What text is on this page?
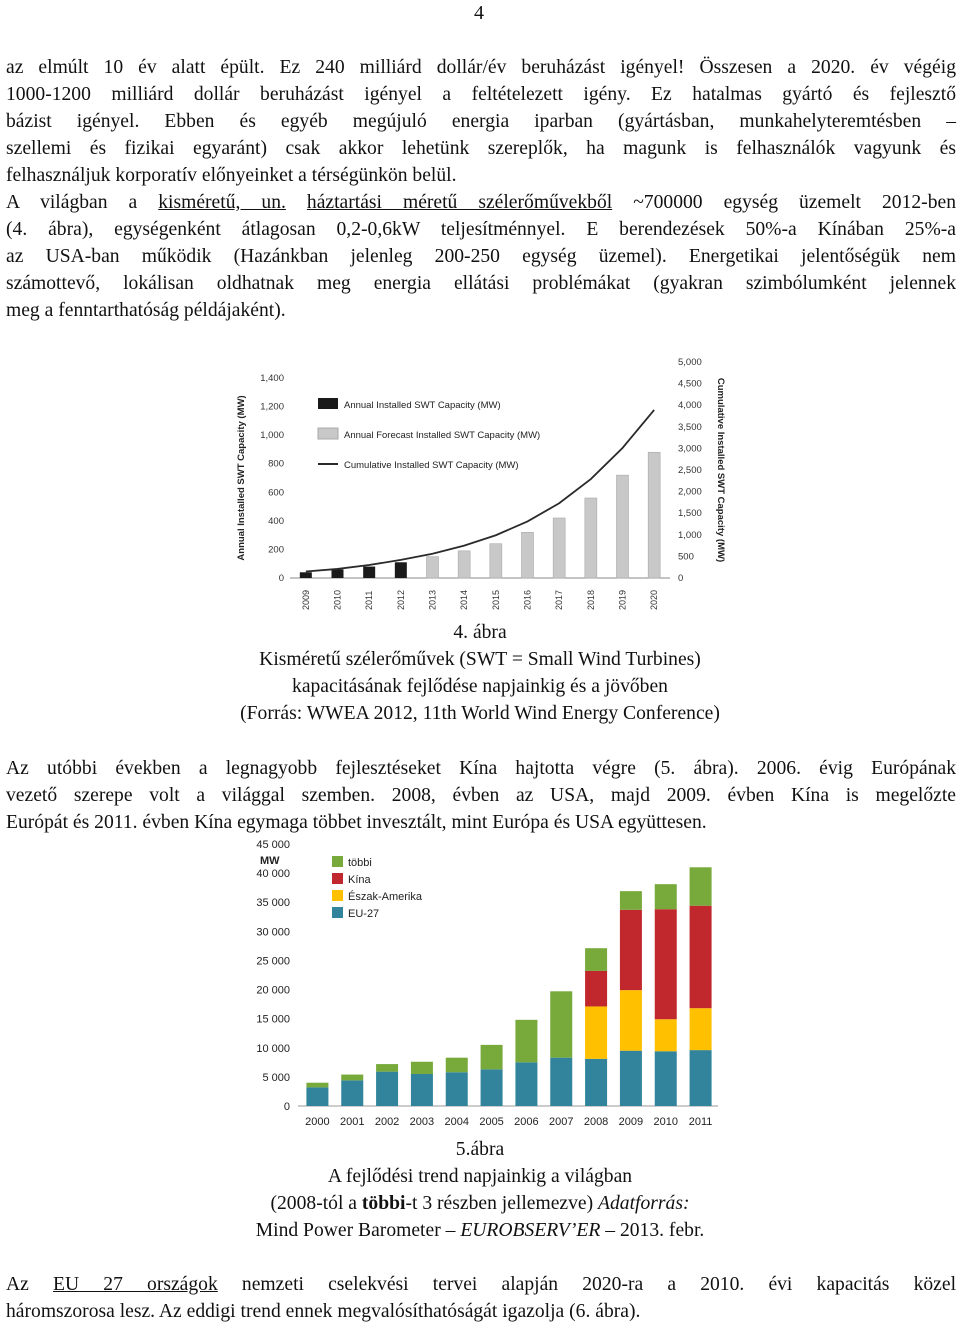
4
az elmúlt 10 év alatt épült. Ez 240 milliárd dollár/év beruházást igényel! Összesen a 2020. év végéig
1000-1200 milliárd dollár beruházást igényel a feltételezett igény. Ez hatalmas gyártó és fejlesztő
bázist igényel. Ebben és egyéb megújuló energia iparban (gyártásban, munkahelyteremtésben –
szellemi és fizikai egyaránt) csak akkor lehetünk szereplők, ha magunk is felhasználók vagyunk és
felhasználjuk korporatív előnyeinket a térségünkön belül.
A világban a kisméretű, un. háztartási méretű szélerőművekből ~700000 egység üzemelt 2012-ben
(4. ábra), egységenként átlagosan 0,2-0,6kW teljesítménnyel. E berendezések 50%-a Kínában 25%-a
az USA-ban működik (Hazánkban jelenleg 200-250 egység üzemel). Energetikai jelentőségük nem
számottevő, lokálisan oldhatnak meg energia ellátási problémákat (gyakran szimbólumként jelennek
meg a fenntarthatóság példájaként).
Annual Installed SWT Capacity (MW)	Cumulative Installed SWT Capacity (MW)
0
200
400
600
800
1,000
1,200
1,400
0
500
1,000
1,500
2,000
2,500
3,000
3,500
4,000
4,500
5,000
2009 2010 2011 2012 2013 2014 2015 2016 2017 2018 2019 2020
Annual Installed SWT Capacity (MW)
Annual Forecast Installed SWT Capacity (MW)
Cumulative Installed SWT Capacity (MW)
4. ábra
Kisméretű szélerőművek (SWT = Small Wind Turbines)
kapacitásának fejlődése napjainkig és a jövőben
(Forrás: WWEA 2012, 11th World Wind Energy Conference)
Az utóbbi években a legnagyobb fejlesztéseket Kína hajtotta végre (5. ábra). 2006. évig Európának
vezető szerepe volt a világgal szemben. 2008, évben az USA, majd 2009. évben Kína is megelőzte
Európát és 2011. évben Kína egymaga többet invesztált, mint Európa és USA együttesen.
0
5 000
10 000
15 000
20 000
25 000
30 000
35 000
40 000
45 000
MW
2000 2001 2002 2003 2004 2005 2006 2007 2008 2009 2010 2011
többi
Kína
Észak-Amerika
EU-27
5.ábra
A fejlődési trend napjainkig a világban
(2008-tól a többi-t 3 részben jellemezve) Adatforrás:
Mind Power Barometer – EUROBSERV’ER – 2013. febr.
Az EU 27 országok nemzeti cselekvési tervei alapján 2020-ra a 2010. évi kapacitás közel
háromszorosa lesz. Az eddigi trend ennek megvalósíthatóságát igazolja (6. ábra).
